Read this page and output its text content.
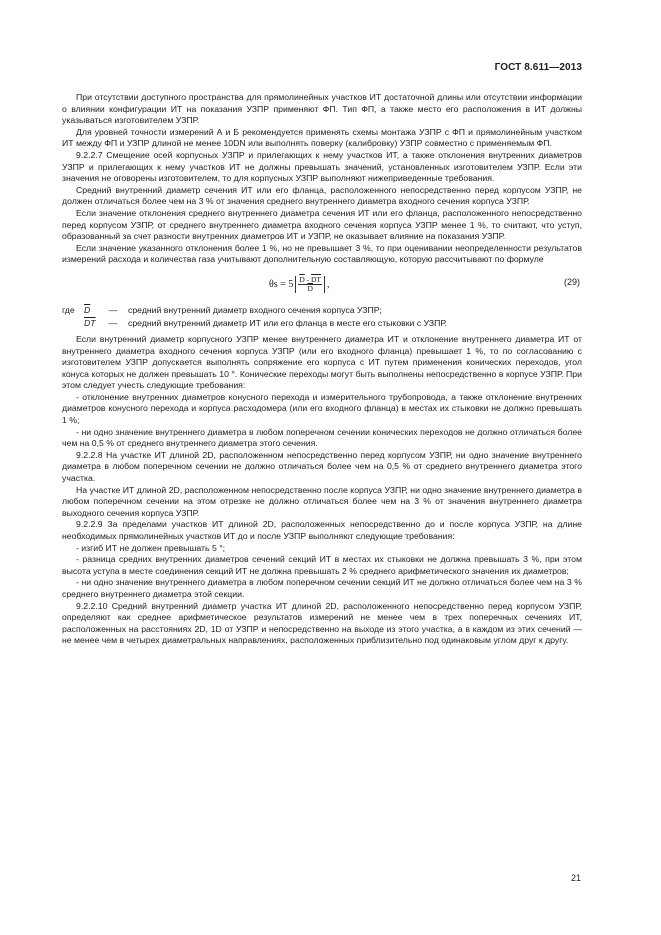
ГОСТ 8.611—2013

При отсутствии доступного пространства для прямолинейных участков ИТ достаточной длины или отсутствии информации о влиянии конфигурации ИТ на показания УЗПР применяют ФП. Тип ФП, а также место его расположения в ИТ должны указываться изготовителем УЗПР.

Для уровней точности измерений А и Б рекомендуется применять схемы монтажа УЗПР с ФП и прямолинейным участком ИТ между ФП и УЗПР длиной не менее 10DN или выполнять поверку (калибровку) УЗПР совместно с применяемым ФП.

9.2.2.7 Смещение осей корпусных УЗПР и прилегающих к нему участков ИТ, а также отклонения внутренних диаметров УЗПР и прилегающих к нему участков ИТ не должны превышать значений, установленных изготовителем УЗПР. Если эти значения не оговорены изготовителем, то для корпусных УЗПР выполняют нижеприведенные требования.

Средний внутренний диаметр сечения ИТ или его фланца, расположенного непосредственно перед корпусом УЗПР, не должен отличаться более чем на 3 % от значения среднего внутреннего диаметра входного сечения корпуса УЗПР.

Если значение отклонения среднего внутреннего диаметра сечения ИТ или его фланца, расположенного непосредственно перед корпусом УЗПР, от среднего внутреннего диаметра входного сечения корпуса УЗПР менее 1 %, то считают, что уступ, образованный за счет разности внутренних диаметров ИТ и УЗПР, не оказывает влияние на показания УЗПР.

Если значение указанного отклонения более 1 %, но не превышает 3 %, то при оценивании неопределенности результатов измерений расхода и количества газа учитывают дополнительную составляющую, которую рассчитывают по формуле

$\theta s = 5 \frac{\overline{D} - \overline{DT}}{D}$ ,	(29)
где	$\overline{D}$	—	средний внутренний диаметр входного сечения корпуса УЗПР;
$\overline{DT}$	—	средний внутренний диаметр ИТ или его фланца в месте его стыковки с УЗПР.

Если внутренний диаметр корпусного УЗПР менее внутреннего диаметра ИТ и отклонение внутреннего диаметра ИТ от внутреннего диаметра входного сечения корпуса УЗПР (или его входного фланца) превышает 1 %, то по согласованию с изготовителем УЗПР допускается выполнять сопряжение его корпуса с ИТ путем применения конических переходов, угол конуса которых не должен превышать 10 °. Конические переходы могут быть выполнены непосредственно в корпусе УЗПР. При этом следует учесть следующие требования:

- отклонение внутренних диаметров конусного перехода и измерительного трубопровода, а также отклонение внутренних диаметров конусного перехода и корпуса расходомера (или его входного фланца) в местах их стыковки не должно превышать 1 %;

- ни одно значение внутреннего диаметра в любом поперечном сечении конических переходов не должно отличаться более чем на 0,5 % от среднего внутреннего диаметра этого сечения.

9.2.2.8 На участке ИТ длиной 2D, расположенном непосредственно перед корпусом УЗПР, ни одно значение внутреннего диаметра в любом поперечном сечении не должно отличаться более чем на 0,5 % от среднего внутреннего диаметра этого участка.

На участке ИТ длиной 2D, расположенном непосредственно после корпуса УЗПР, ни одно значение внутреннего диаметра в любом поперечном сечении на этом отрезке не должно отличаться более чем на 3 % от значения внутреннего диаметра выходного сечения корпуса УЗПР.

9.2.2.9 За пределами участков ИТ длиной 2D, расположенных непосредственно до и после корпуса УЗПР, на длине необходимых прямолинейных участков ИТ до и после УЗПР выполняют следующие требования:

- изгиб ИТ не должен превышать 5 °;

- разница средних внутренних диаметров сечений секций ИТ в местах их стыковки не должна превышать 3 %, при этом высота уступа в месте соединения секций ИТ не должна превышать 2 % среднего арифметического значения их диаметров;

- ни одно значение внутреннего диаметра в любом поперечном сечении секций ИТ не должно отличаться более чем на 3 % среднего внутреннего диаметра этой секции.

9.2.2.10 Средний внутренний диаметр участка ИТ длиной 2D, расположенного непосредственно перед корпусом УЗПР, определяют как среднее арифметическое результатов измерений не менее чем в трех поперечных сечениях ИТ, расположенных на расстояниях 2D, 1D от УЗПР и непосредственно на выходе из этого участка, а в каждом из этих сечений — не менее чем в четырех диаметральных направлениях, расположенных приблизительно под одинаковым углом друг к другу.

21
